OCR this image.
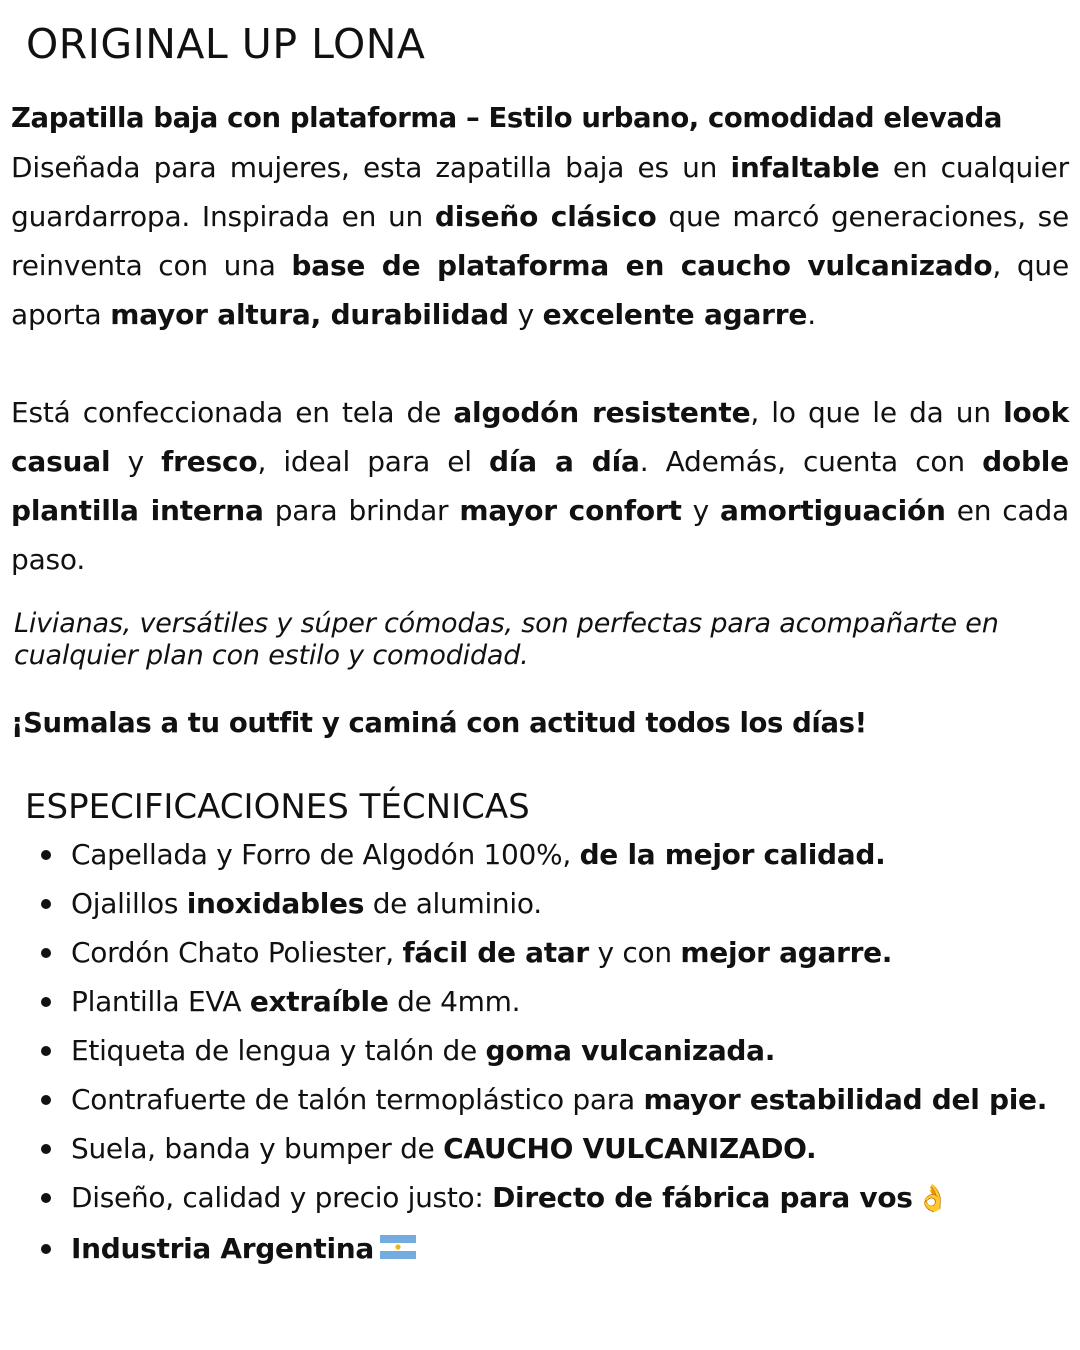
ORIGINAL UP LONA
Zapatilla baja con plataforma – Estilo urbano, comodidad elevada
Diseñada para mujeres, esta zapatilla baja es un infaltable en cualquier guardarropa. Inspirada en un diseño clásico que marcó generaciones, se reinventa con una base de plataforma en caucho vulcanizado, que aporta mayor altura, durabilidad y excelente agarre.
Está confeccionada en tela de algodón resistente, lo que le da un look casual y fresco, ideal para el día a día. Además, cuenta con doble plantilla interna para brindar mayor confort y amortiguación en cada paso.
Livianas, versátiles y súper cómodas, son perfectas para acompañarte en cualquier plan con estilo y comodidad.
¡Sumalas a tu outfit y caminá con actitud todos los días!
ESPECIFICACIONES TÉCNICAS
Capellada y Forro de Algodón 100%, de la mejor calidad.
Ojalillos inoxidables de aluminio.
Cordón Chato Poliester, fácil de atar y con mejor agarre.
Plantilla EVA extraíble de 4mm.
Etiqueta de lengua y talón de goma vulcanizada.
Contrafuerte de talón termoplástico para mayor estabilidad del pie.
Suela, banda y bumper de CAUCHO VULCANIZADO.
Diseño, calidad y precio justo: Directo de fábrica para vos 👌
Industria Argentina
